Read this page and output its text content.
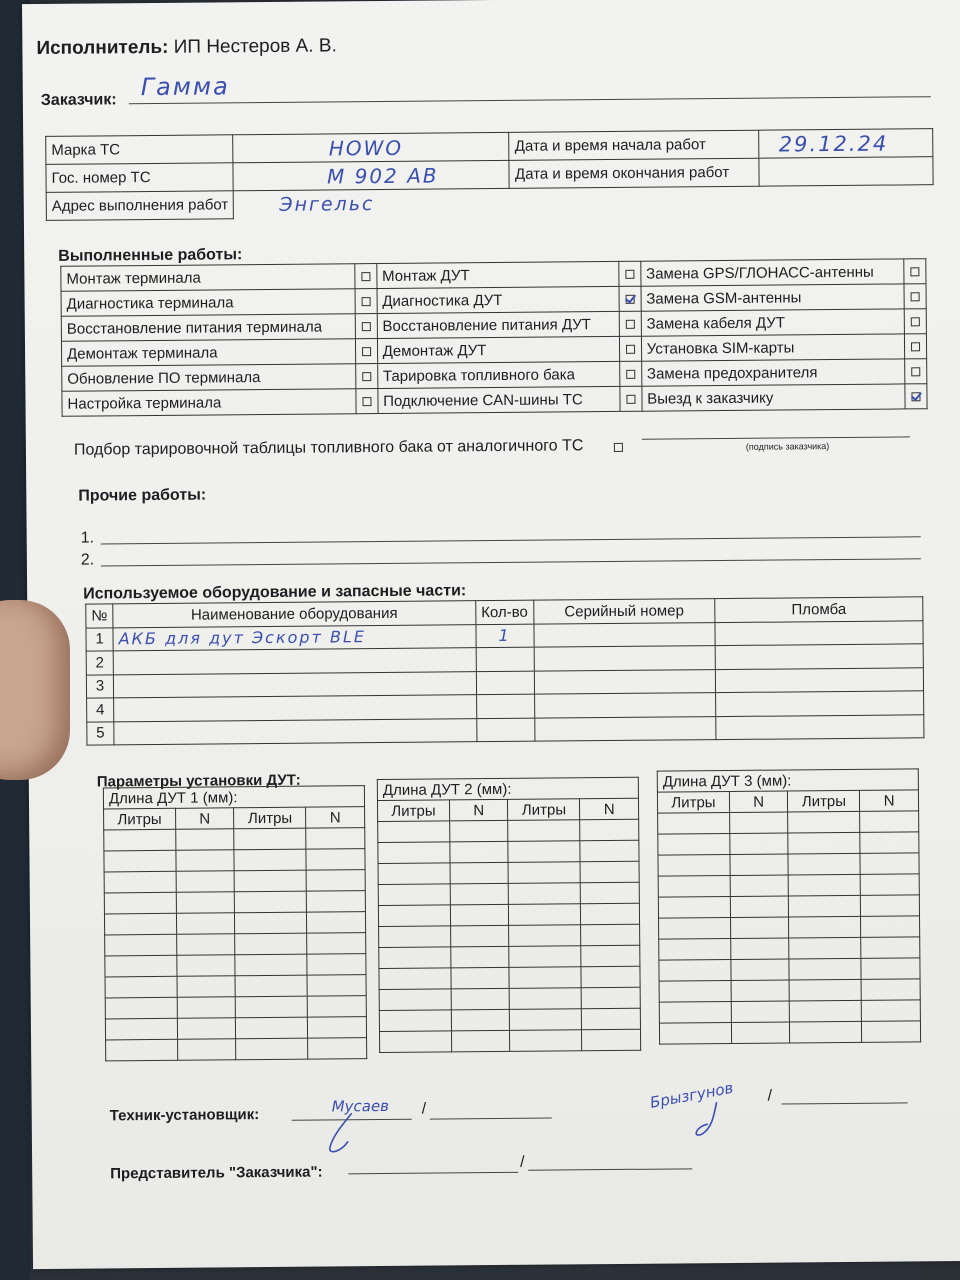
Исполнитель: ИП Нестеров А. В.
Заказчик: Гамма
Марка ТС	HOWO	Дата и время начала работ	29.12.24
Гос. номер ТС	М 902 АВ	Дата и время окончания работ	
Адрес выполнения работ	Энгельс		
Выполненные работы:
Монтаж терминала		Монтаж ДУТ		Замена GPS/ГЛОНАСС-антенны	
Диагностика терминала		Диагностика ДУТ		Замена GSM-антенны	
Восстановление питания терминала		Восстановление питания ДУТ		Замена кабеля ДУТ	
Демонтаж терминала		Демонтаж ДУТ		Установка SIM-карты	
Обновление ПО терминала		Тарировка топливного бака		Замена предохранителя	
Настройка терминала		Подключение CAN-шины ТС		Выезд к заказчику	
Подбор тарировочной таблицы топливного бака от аналогичного ТС	(подпись заказчика)
Прочие работы:
1.
2.
Используемое оборудование и запасные части:
№	Наименование оборудования	Кол-во	Серийный номер	Пломба
1	АКБ для дут Эскорт BLE	1		
2				
3				
4				
5				
Параметры установки ДУТ:
Длина ДУТ 1 (мм):			
Литры	N	Литры	N

Длина ДУТ 2 (мм):			
Литры	N	Литры	N

Длина ДУТ 3 (мм):			
Литры	N	Литры	N

Техник-установщик:	/
Мусаев	Брызгунов /
Представитель "Заказчика":
/
